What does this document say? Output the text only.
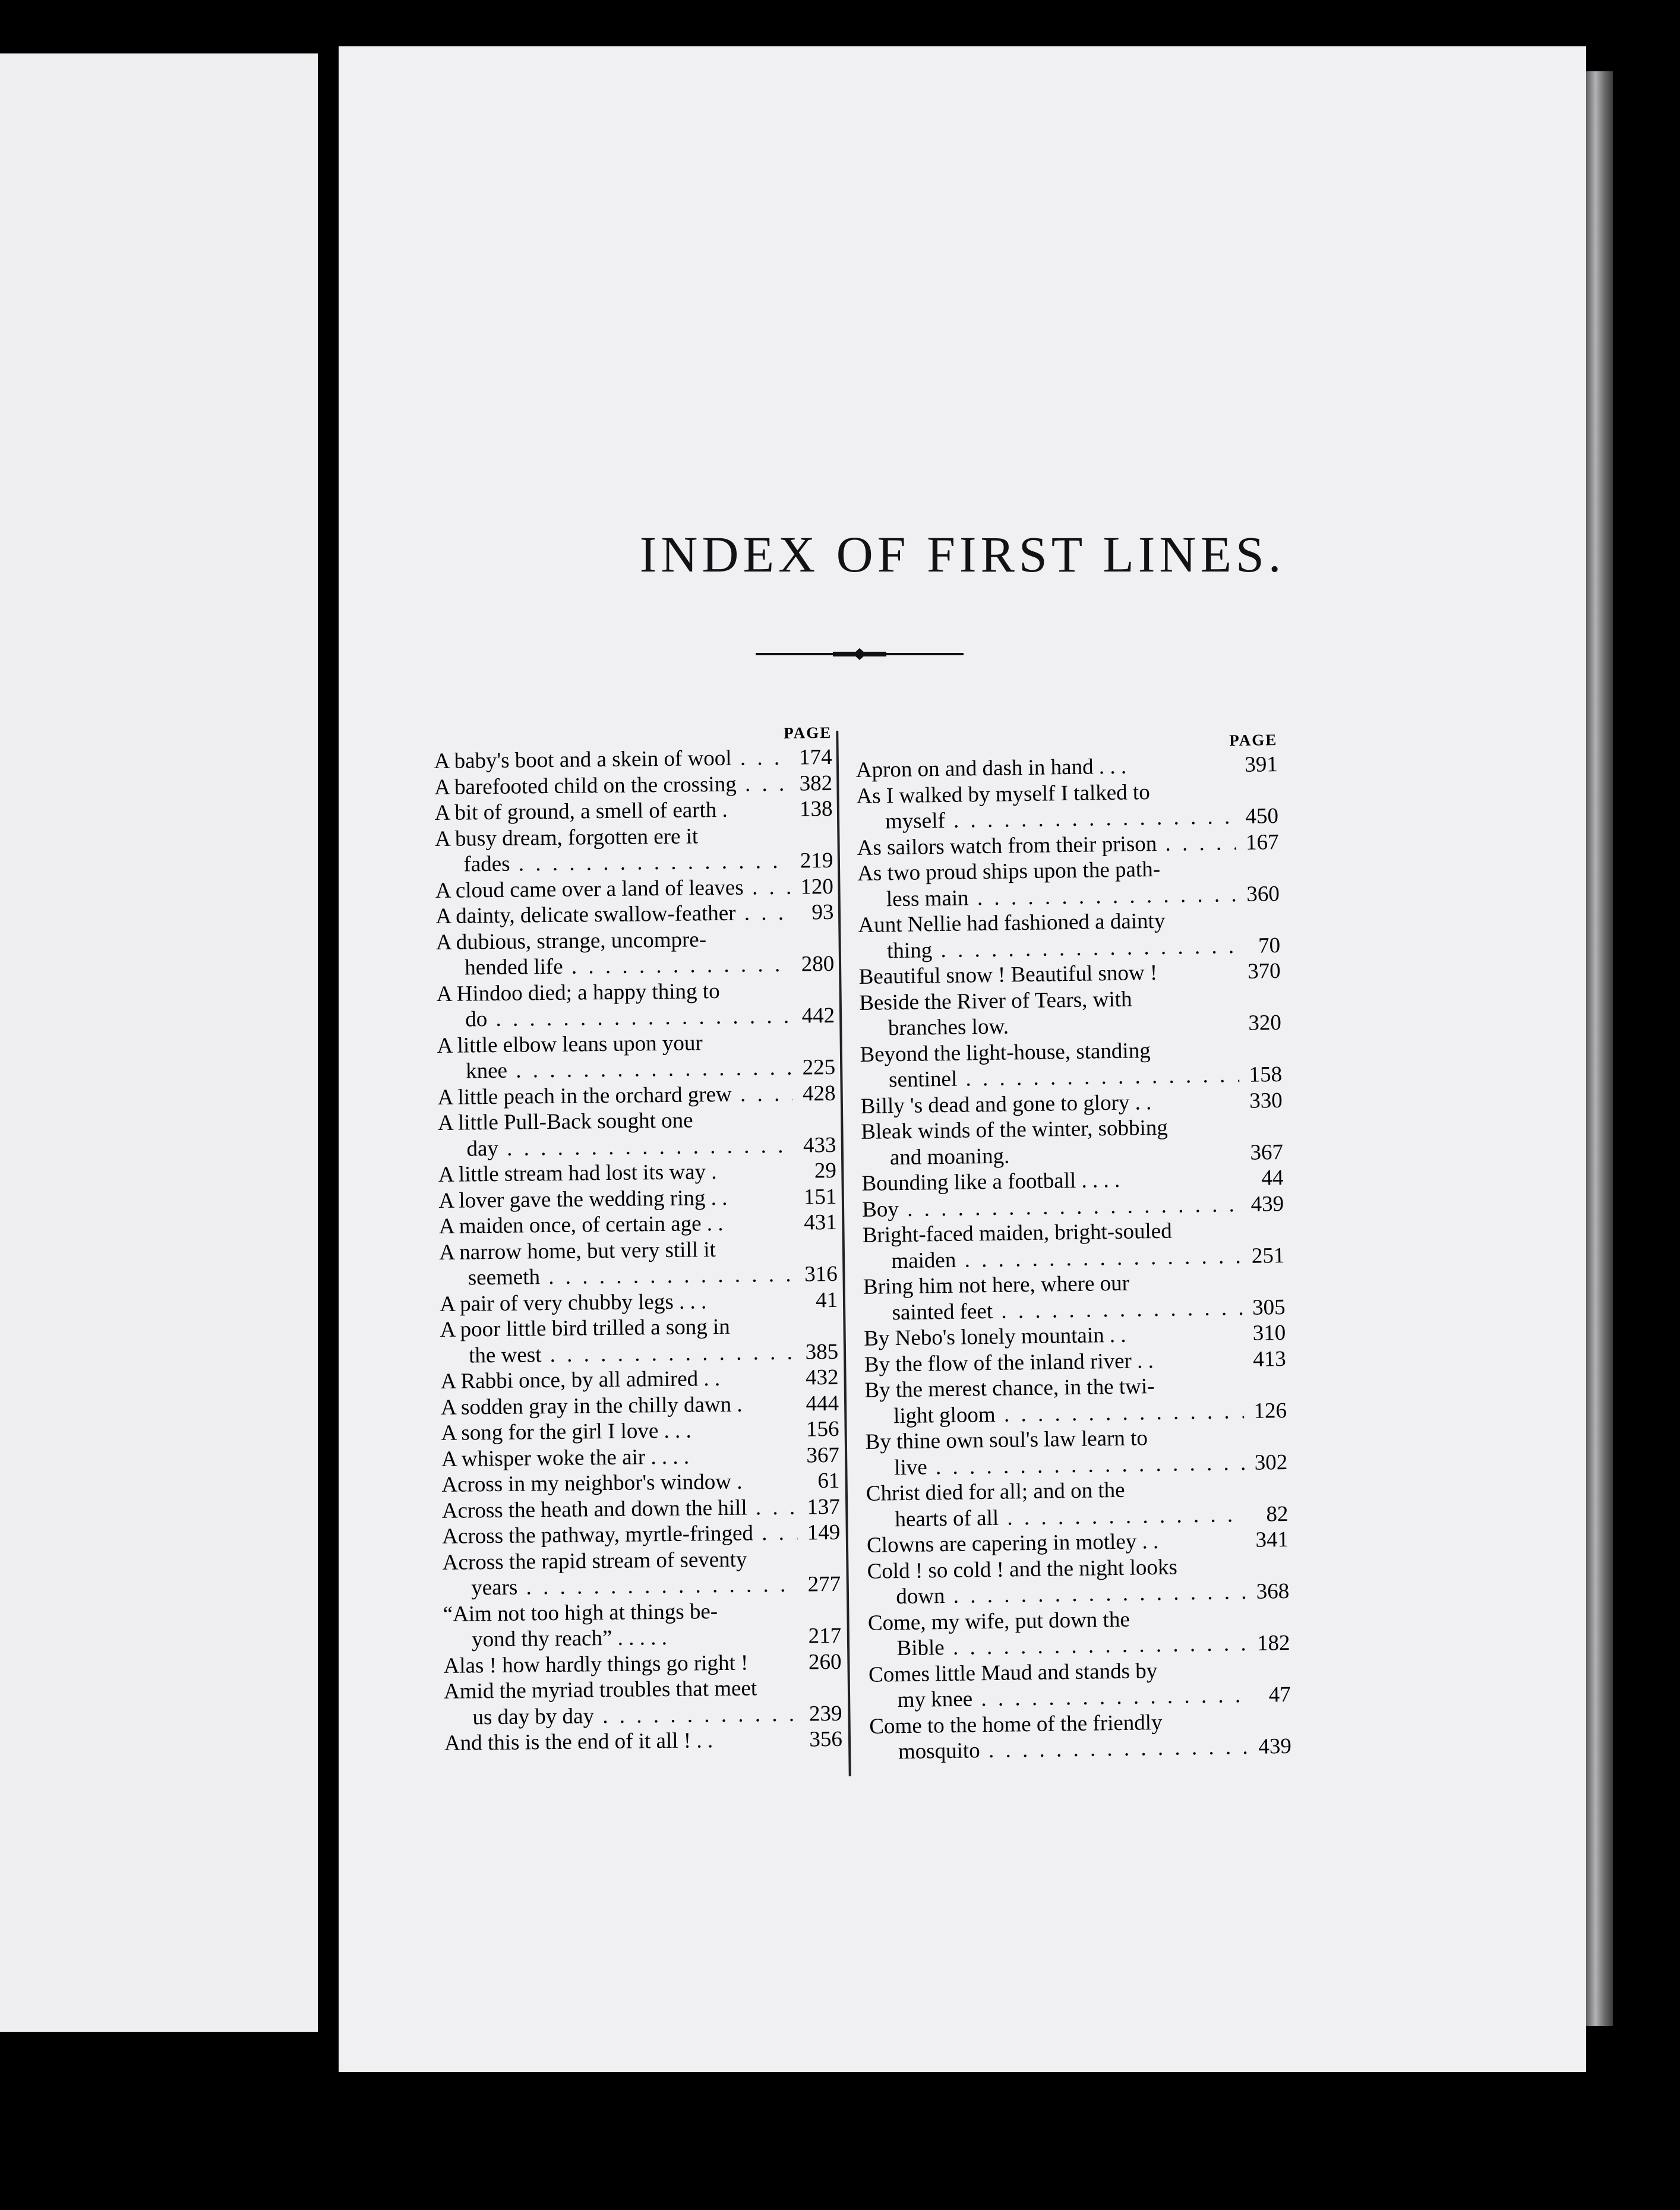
INDEX OF FIRST LINES.
PAGE
A baby's boot and a skein of wool . . .	174
A barefooted child on the crossing . . .	382
A bit of ground, a smell of earth .	138
A busy dream, forgotten ere it
fades . . .	219
A cloud came over a land of leaves . . .	120
A dainty, delicate swallow-feather . . .	93
A dubious, strange, uncompre-
hended life . . .	280
A Hindoo died; a happy thing to
do . . .	442
A little elbow leans upon your
knee . . .	225
A little peach in the orchard grew . . .	428
A little Pull-Back sought one
day . . .	433
A little stream had lost its way .	29
A lover gave the wedding ring . .	151
A maiden once, of certain age . .	431
A narrow home, but very still it
seemeth . . .	316
A pair of very chubby legs . . .	41
A poor little bird trilled a song in
the west . . .	385
A Rabbi once, by all admired . .	432
A sodden gray in the chilly dawn .	444
A song for the girl I love . . .	156
A whisper woke the air . . . .	367
Across in my neighbor's window .	61
Across the heath and down the hill . . .	137
Across the pathway, myrtle-fringed . . .	149
Across the rapid stream of seventy
years . . .	277
“Aim not too high at things be-
yond thy reach” . . . . .	217
Alas ! how hardly things go right !	260
Amid the myriad troubles that meet
us day by day . . .	239
And this is the end of it all ! . .	356
PAGE
Apron on and dash in hand . . .	391
As I walked by myself I talked to
myself . . .	450
As sailors watch from their prison . . .	167
As two proud ships upon the path-
less main . . .	360
Aunt Nellie had fashioned a dainty
thing . . .	70
Beautiful snow ! Beautiful snow !	370
Beside the River of Tears, with
branches low.	320
Beyond the light-house, standing
sentinel . . .	158
Billy 's dead and gone to glory . .	330
Bleak winds of the winter, sobbing
and moaning.	367
Bounding like a football . . . .	44
Boy . . .	439
Bright-faced maiden, bright-souled
maiden . . .	251
Bring him not here, where our
sainted feet . . .	305
By Nebo's lonely mountain . .	310
By the flow of the inland river . .	413
By the merest chance, in the twi-
light gloom . . .	126
By thine own soul's law learn to
live . . .	302
Christ died for all; and on the
hearts of all . . .	82
Clowns are capering in motley . .	341
Cold ! so cold ! and the night looks
down . . .	368
Come, my wife, put down the
Bible . . .	182
Comes little Maud and stands by
my knee . . .	47
Come to the home of the friendly
mosquito . . .	439
